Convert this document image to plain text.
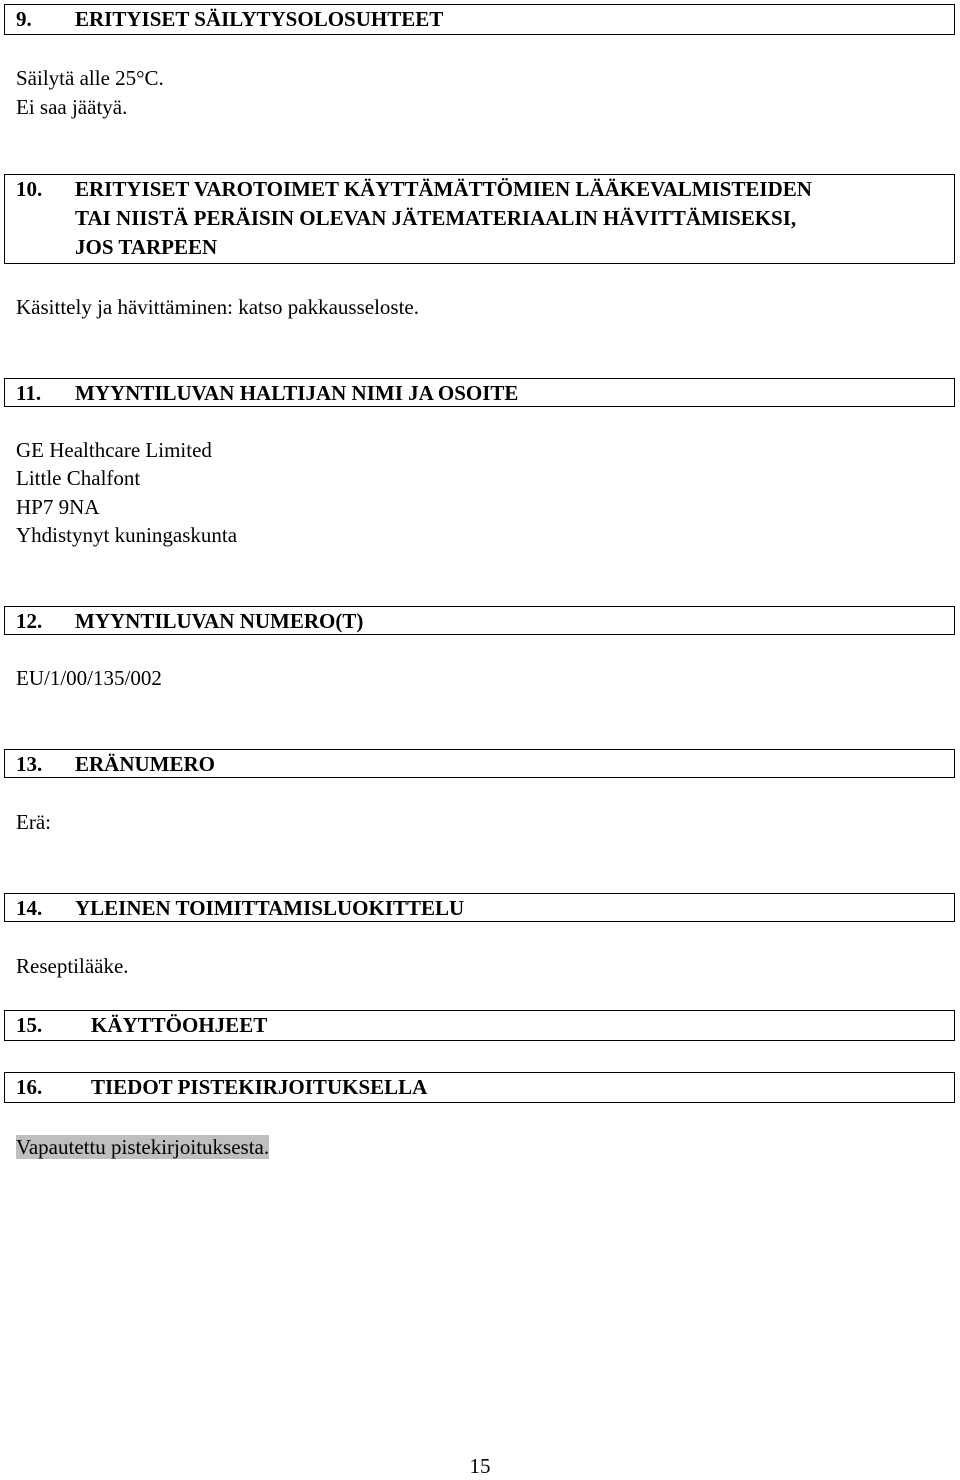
9.	ERITYISET SÄILYTYSOLOSUHTEET
Säilytä alle 25°C.
Ei saa jäätyä.
10.	ERITYISET VAROTOIMET KÄYTTÄMÄTTÖMIEN LÄÄKEVALMISTEIDEN
TAI NIISTÄ PERÄISIN OLEVAN JÄTEMATERIAALIN HÄVITTÄMISEKSI,
JOS TARPEEN
Käsittely ja hävittäminen: katso pakkausseloste.
11.	MYYNTILUVAN HALTIJAN NIMI JA OSOITE
GE Healthcare Limited
Little Chalfont
HP7 9NA
Yhdistynyt kuningaskunta
12.	MYYNTILUVAN NUMERO(T)
EU/1/00/135/002
13.	ERÄNUMERO
Erä:
14.	YLEINEN TOIMITTAMISLUOKITTELU
Reseptilääke.
15.	KÄYTTÖOHJEET
16.	TIEDOT PISTEKIRJOITUKSELLA
Vapautettu pistekirjoituksesta.
15
